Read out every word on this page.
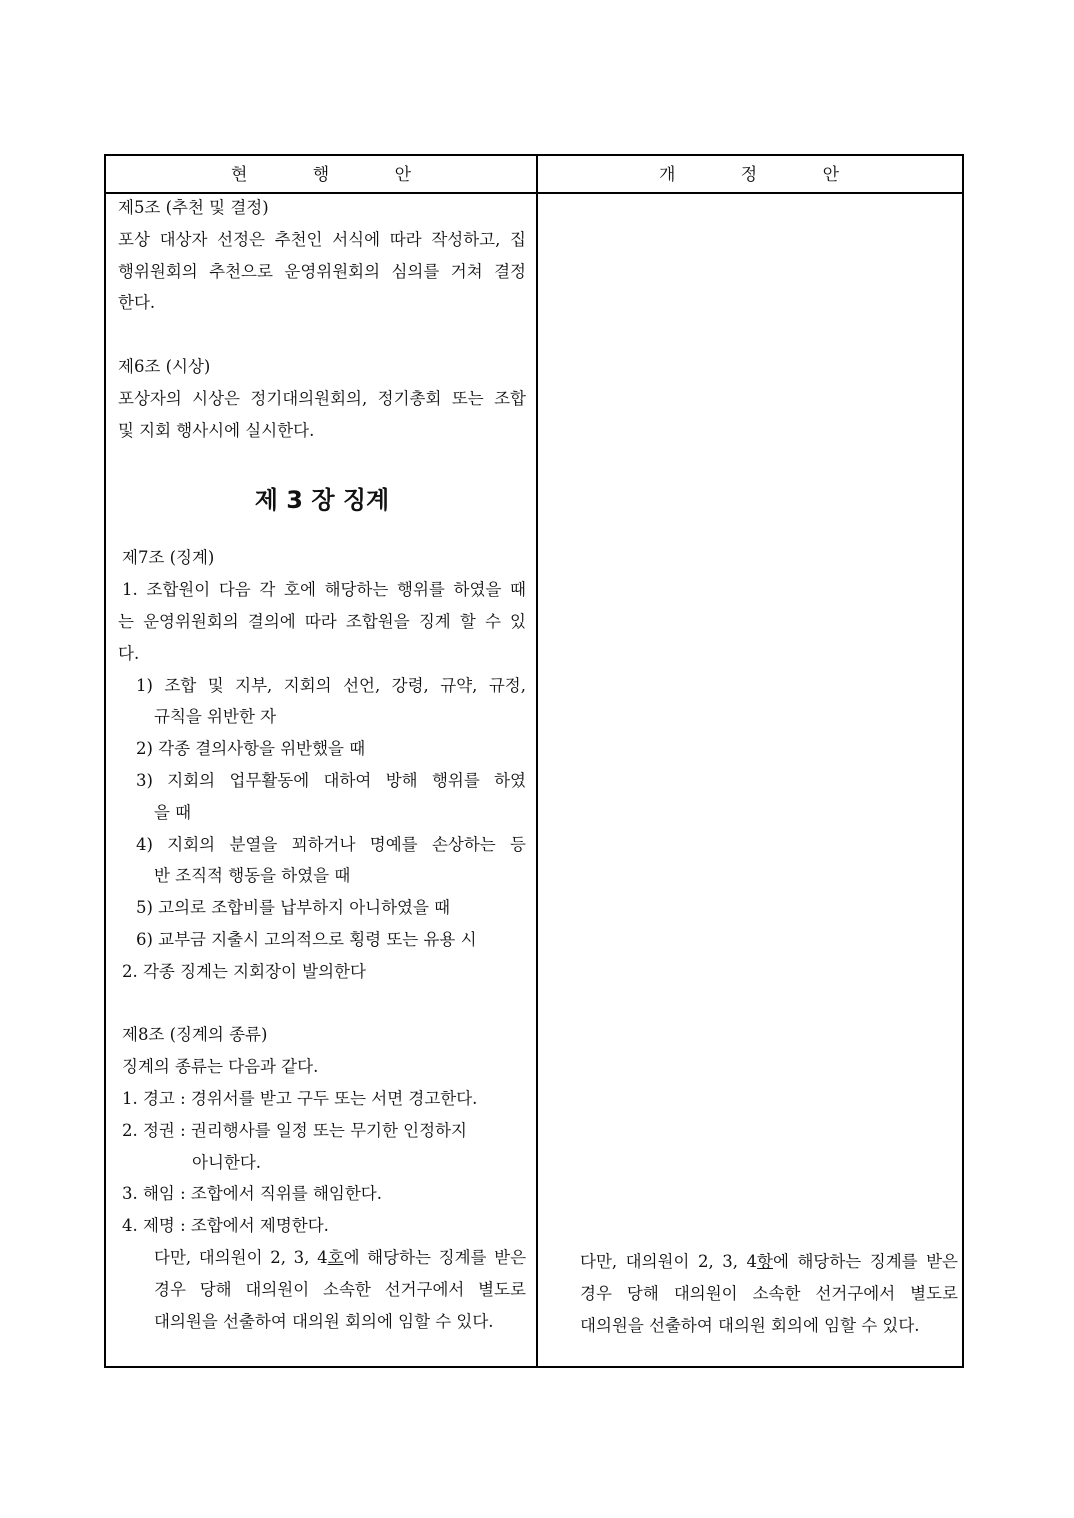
현 행 안	개 정 안

제5조 (추천 및 결정)

포상 대상자 선정은 추천인 서식에 따라 작성하고, 집

행위원회의 추천으로 운영위원회의 심의를 거쳐 결정

한다.

제6조 (시상)

포상자의 시상은 정기대의원회의, 정기총회 또는 조합

및 지회 행사시에 실시한다.

제 3 장 징계

제7조 (징계)

1. 조합원이 다음 각 호에 해당하는 행위를 하였을 때

는 운영위원회의 결의에 따라 조합원을 징계 할 수 있

다.

1) 조합 및 지부, 지회의 선언, 강령, 규약, 규정,

규칙을 위반한 자

2) 각종 결의사항을 위반했을 때

3) 지회의 업무활동에 대하여 방해 행위를 하였

을 때

4) 지회의 분열을 꾀하거나 명예를 손상하는 등

반 조직적 행동을 하였을 때

5) 고의로 조합비를 납부하지 아니하였을 때

6) 교부금 지출시 고의적으로 횡령 또는 유용 시

2. 각종 징계는 지회장이 발의한다

제8조 (징계의 종류)

징계의 종류는 다음과 같다.

1. 경고 : 경위서를 받고 구두 또는 서면 경고한다.

2. 정권 : 권리행사를 일정 또는 무기한 인정하지

아니한다.

3. 해임 : 조합에서 직위를 해임한다.

4. 제명 : 조합에서 제명한다.

다만, 대의원이 2, 3, 4호에 해당하는 징계를 받은

경우 당해 대의원이 소속한 선거구에서 별도로

대의원을 선출하여 대의원 회의에 임할 수 있다.

다만, 대의원이 2, 3, 4항에 해당하는 징계를 받은

경우 당해 대의원이 소속한 선거구에서 별도로

대의원을 선출하여 대의원 회의에 임할 수 있다.
